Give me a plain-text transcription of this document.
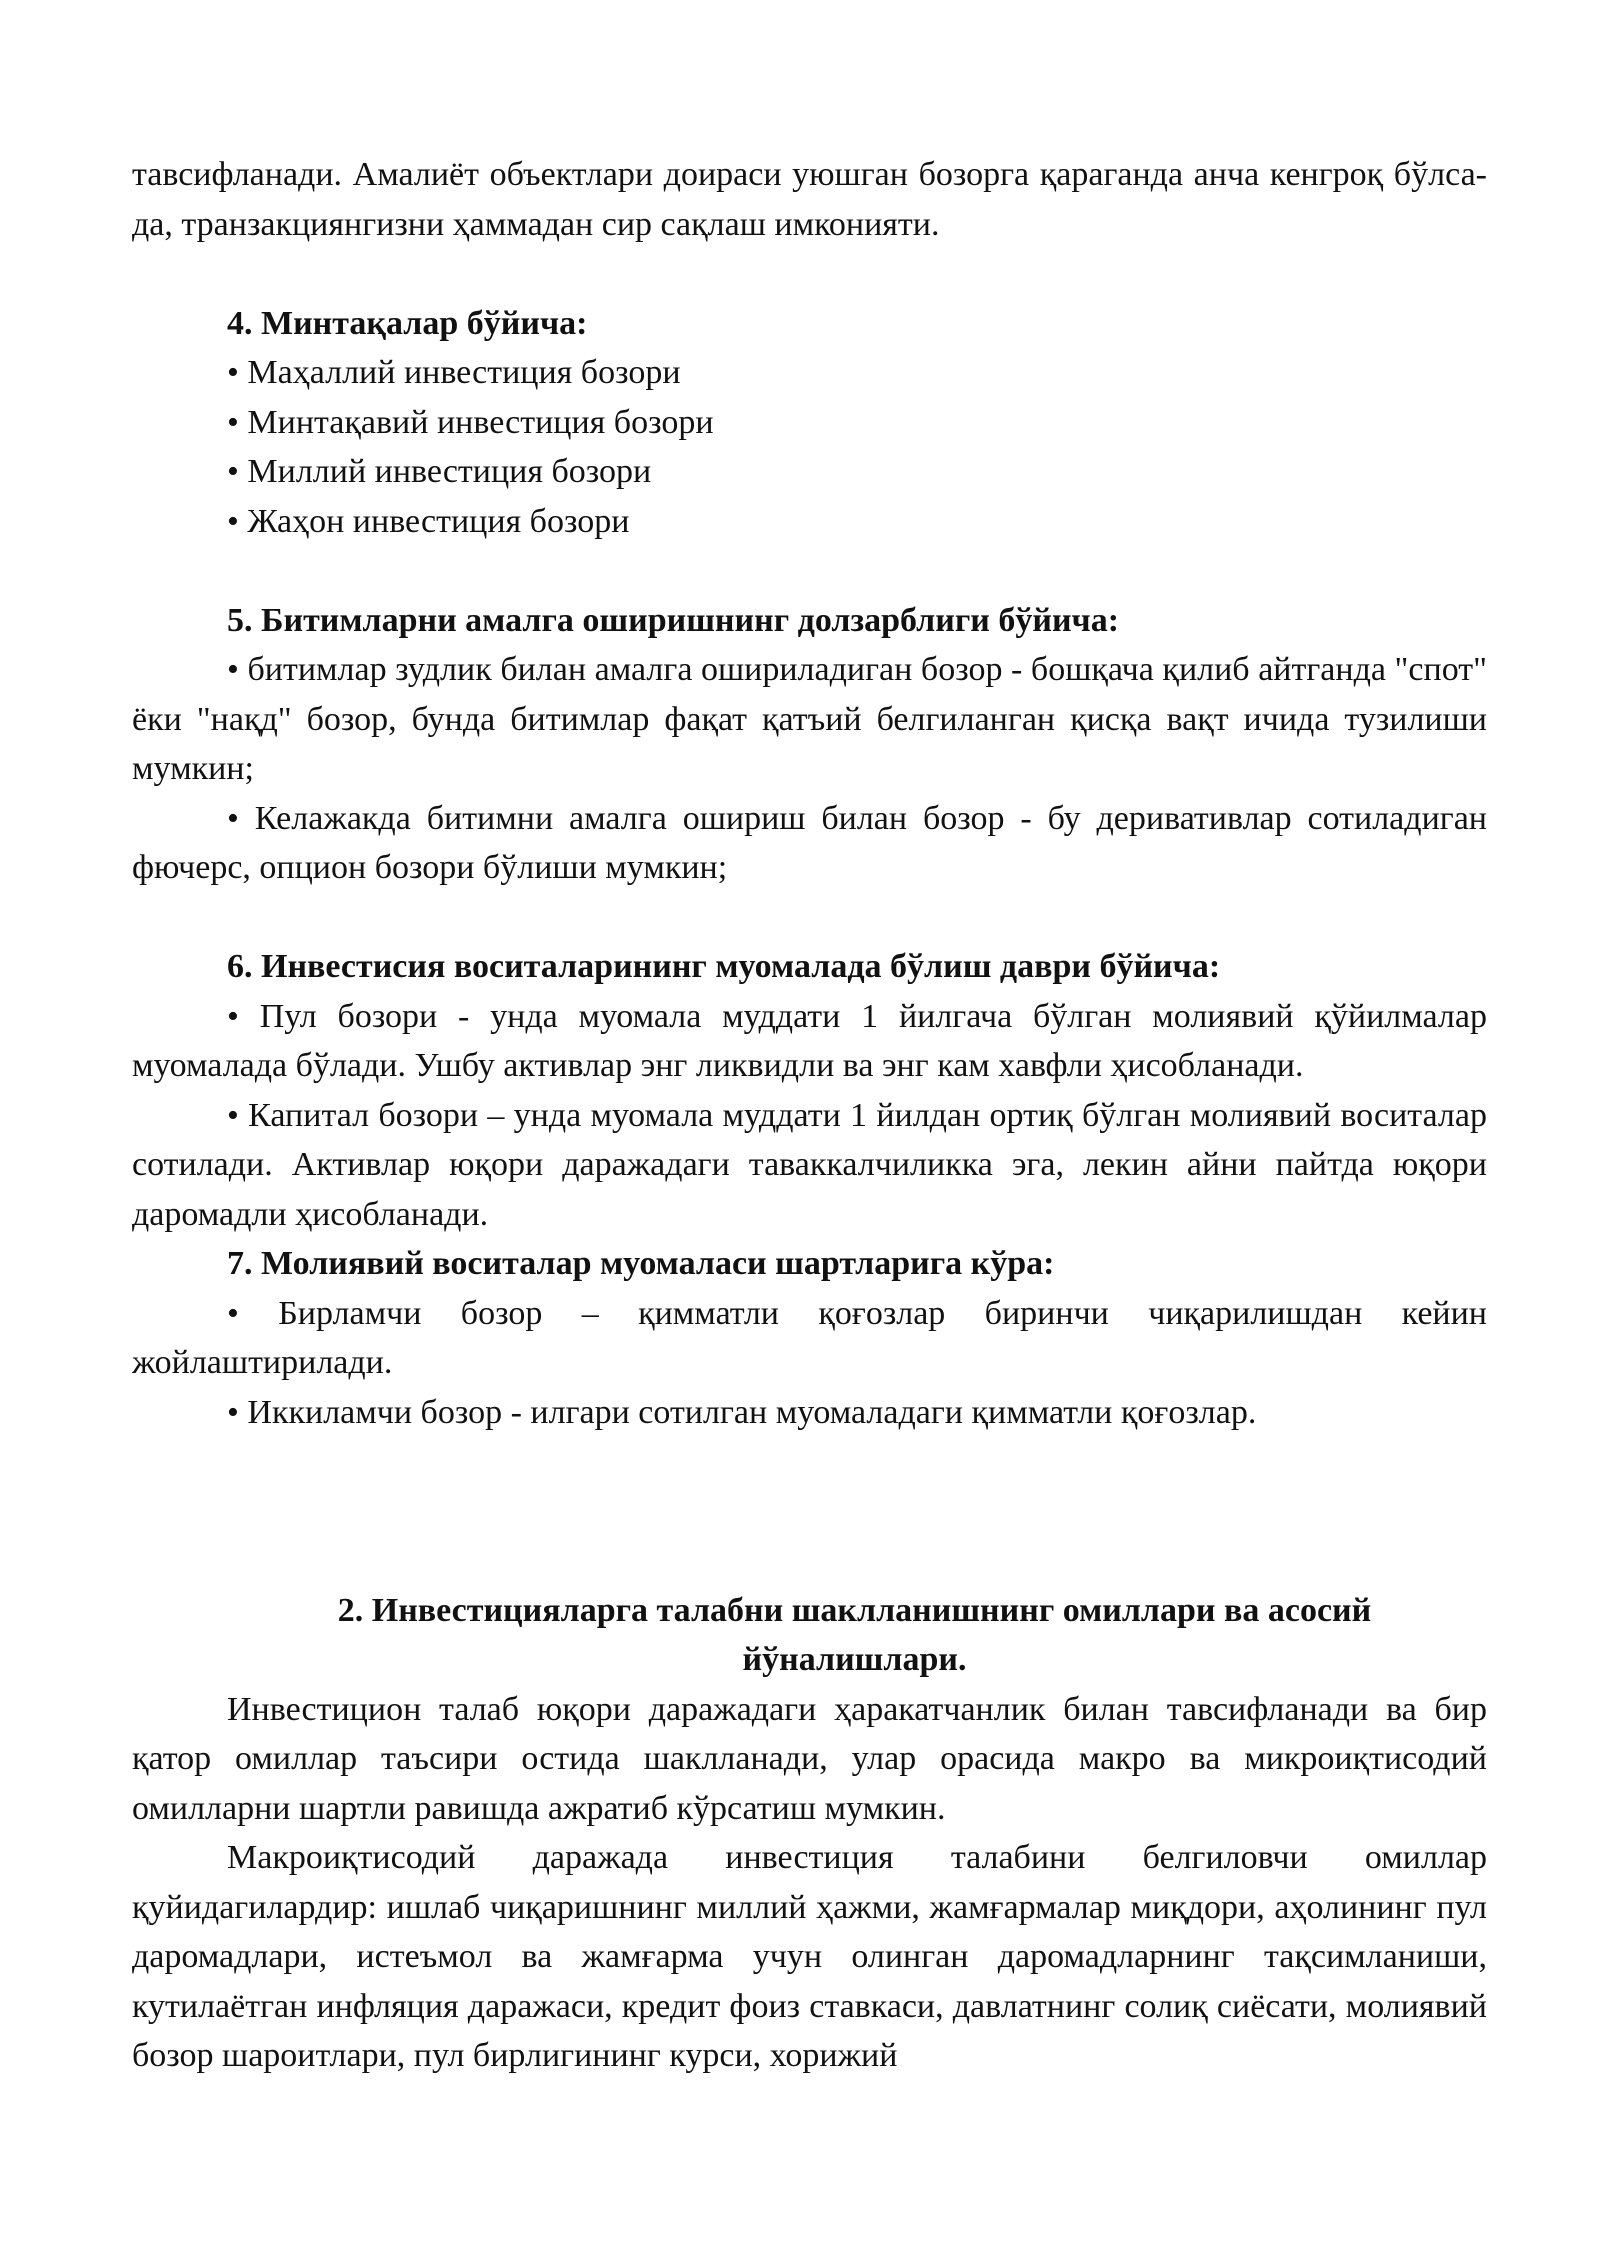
тавсифланади. Амалиёт объектлари доираси уюшган бозорга қараганда анча кенгроқ бўлса-да, транзакциянгизни ҳаммадан сир сақлаш имконияти.

4. Минтақалар бўйича:

• Маҳаллий инвестиция бозори

• Минтақавий инвестиция бозори

• Миллий инвестиция бозори

• Жаҳон инвестиция бозори

5. Битимларни амалга оширишнинг долзарблиги бўйича:

• битимлар зудлик билан амалга ошириладиган бозор - бошқача қилиб айтганда "спот" ёки "нақд" бозор, бунда битимлар фақат қатъий белгиланган қисқа вақт ичида тузилиши мумкин;

• Келажакда битимни амалга ошириш билан бозор - бу деривативлар сотиладиган фючерс, опцион бозори бўлиши мумкин;

6. Инвестисия воситаларининг муомалада бўлиш даври бўйича:

• Пул бозори - унда муомала муддати 1 йилгача бўлган молиявий қўйилмалар муомалада бўлади. Ушбу активлар энг ликвидли ва энг кам хавфли ҳисобланади.

• Капитал бозори – унда муомала муддати 1 йилдан ортиқ бўлган молиявий воситалар сотилади. Активлар юқори даражадаги таваккалчиликка эга, лекин айни пайтда юқори даромадли ҳисобланади.

7. Молиявий воситалар муомаласи шартларига кўра:

• Бирламчи бозор – қимматли қоғозлар биринчи чиқарилишдан кейин жойлаштирилади.

• Иккиламчи бозор - илгари сотилган муомаладаги қимматли қоғозлар.

2. Инвестицияларга талабни шаклланишнинг омиллари ва асосий

йўналишлари.

Инвестицион талаб юқори даражадаги ҳаракатчанлик билан тавсифланади ва бир қатор омиллар таъсири остида шаклланади, улар орасида макро ва микроиқтисодий омилларни шартли равишда ажратиб кўрсатиш мумкин.

Макроиқтисодий даражада инвестиция талабини белгиловчи омиллар қуйидагилардир: ишлаб чиқаришнинг миллий ҳажми, жамғармалар миқдори, аҳолининг пул даромадлари, истеъмол ва жамғарма учун олинган даромадларнинг тақсимланиши, кутилаётган инфляция даражаси, кредит фоиз ставкаси, давлатнинг солиқ сиёсати, молиявий бозор шароитлари, пул бирлигининг курси, хорижий
